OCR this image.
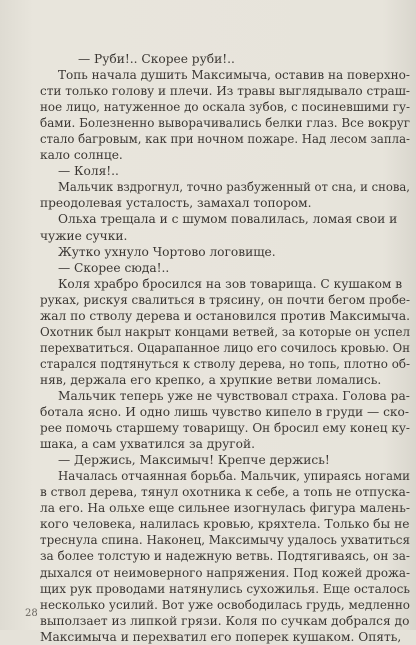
— Руби!.. Скорее руби!..
Топь начала душить Максимыча, оставив на поверхно-
сти только голову и плечи. Из травы выглядывало страш-
ное лицо, натуженное до оскала зубов, с посиневшими гу-
бами. Болезненно выворачивались белки глаз. Все вокруг
стало багровым, как при ночном пожаре. Над лесом запла-
кало солнце.
— Коля!..
Мальчик вздрогнул, точно разбуженный от сна, и снова,
преодолевая усталость, замахал топором.
Ольха трещала и с шумом повалилась, ломая свои и
чужие сучки.
Жутко ухнуло Чортово логовище.
— Скорее сюда!..
Коля храбро бросился на зов товарища. С кушаком в
руках, рискуя свалиться в трясину, он почти бегом пробе-
жал по стволу дерева и остановился против Максимыча.
Охотник был накрыт концами ветвей, за которые он успел
перехватиться. Оцарапанное лицо его сочилось кровью. Он
старался подтянуться к стволу дерева, но топь, плотно об-
няв, держала его крепко, а хрупкие ветви ломались.
Мальчик теперь уже не чувствовал страха. Голова ра-
ботала ясно. И одно лишь чувство кипело в груди — ско-
рее помочь старшему товарищу. Он бросил ему конец ку-
шака, а сам ухватился за другой.
— Держись, Максимыч! Крепче держись!
Началась отчаянная борьба. Мальчик, упираясь ногами
в ствол дерева, тянул охотника к себе, а топь не отпуска-
ла его. На ольхе еще сильнее изогнулась фигура малень-
кого человека, налилась кровью, кряхтела. Только бы не
треснула спина. Наконец, Максимычу удалось ухватиться
за более толстую и надежную ветвь. Подтягиваясь, он за-
дыхался от неимоверного напряжения. Под кожей дрожа-
щих рук проводами натянулись сухожилья. Еще осталось
несколько усилий. Вот уже освободилась грудь, медленно
выползает из липкой грязи. Коля по сучкам добрался до
Максимыча и перехватил его поперек кушаком. Опять,
28
